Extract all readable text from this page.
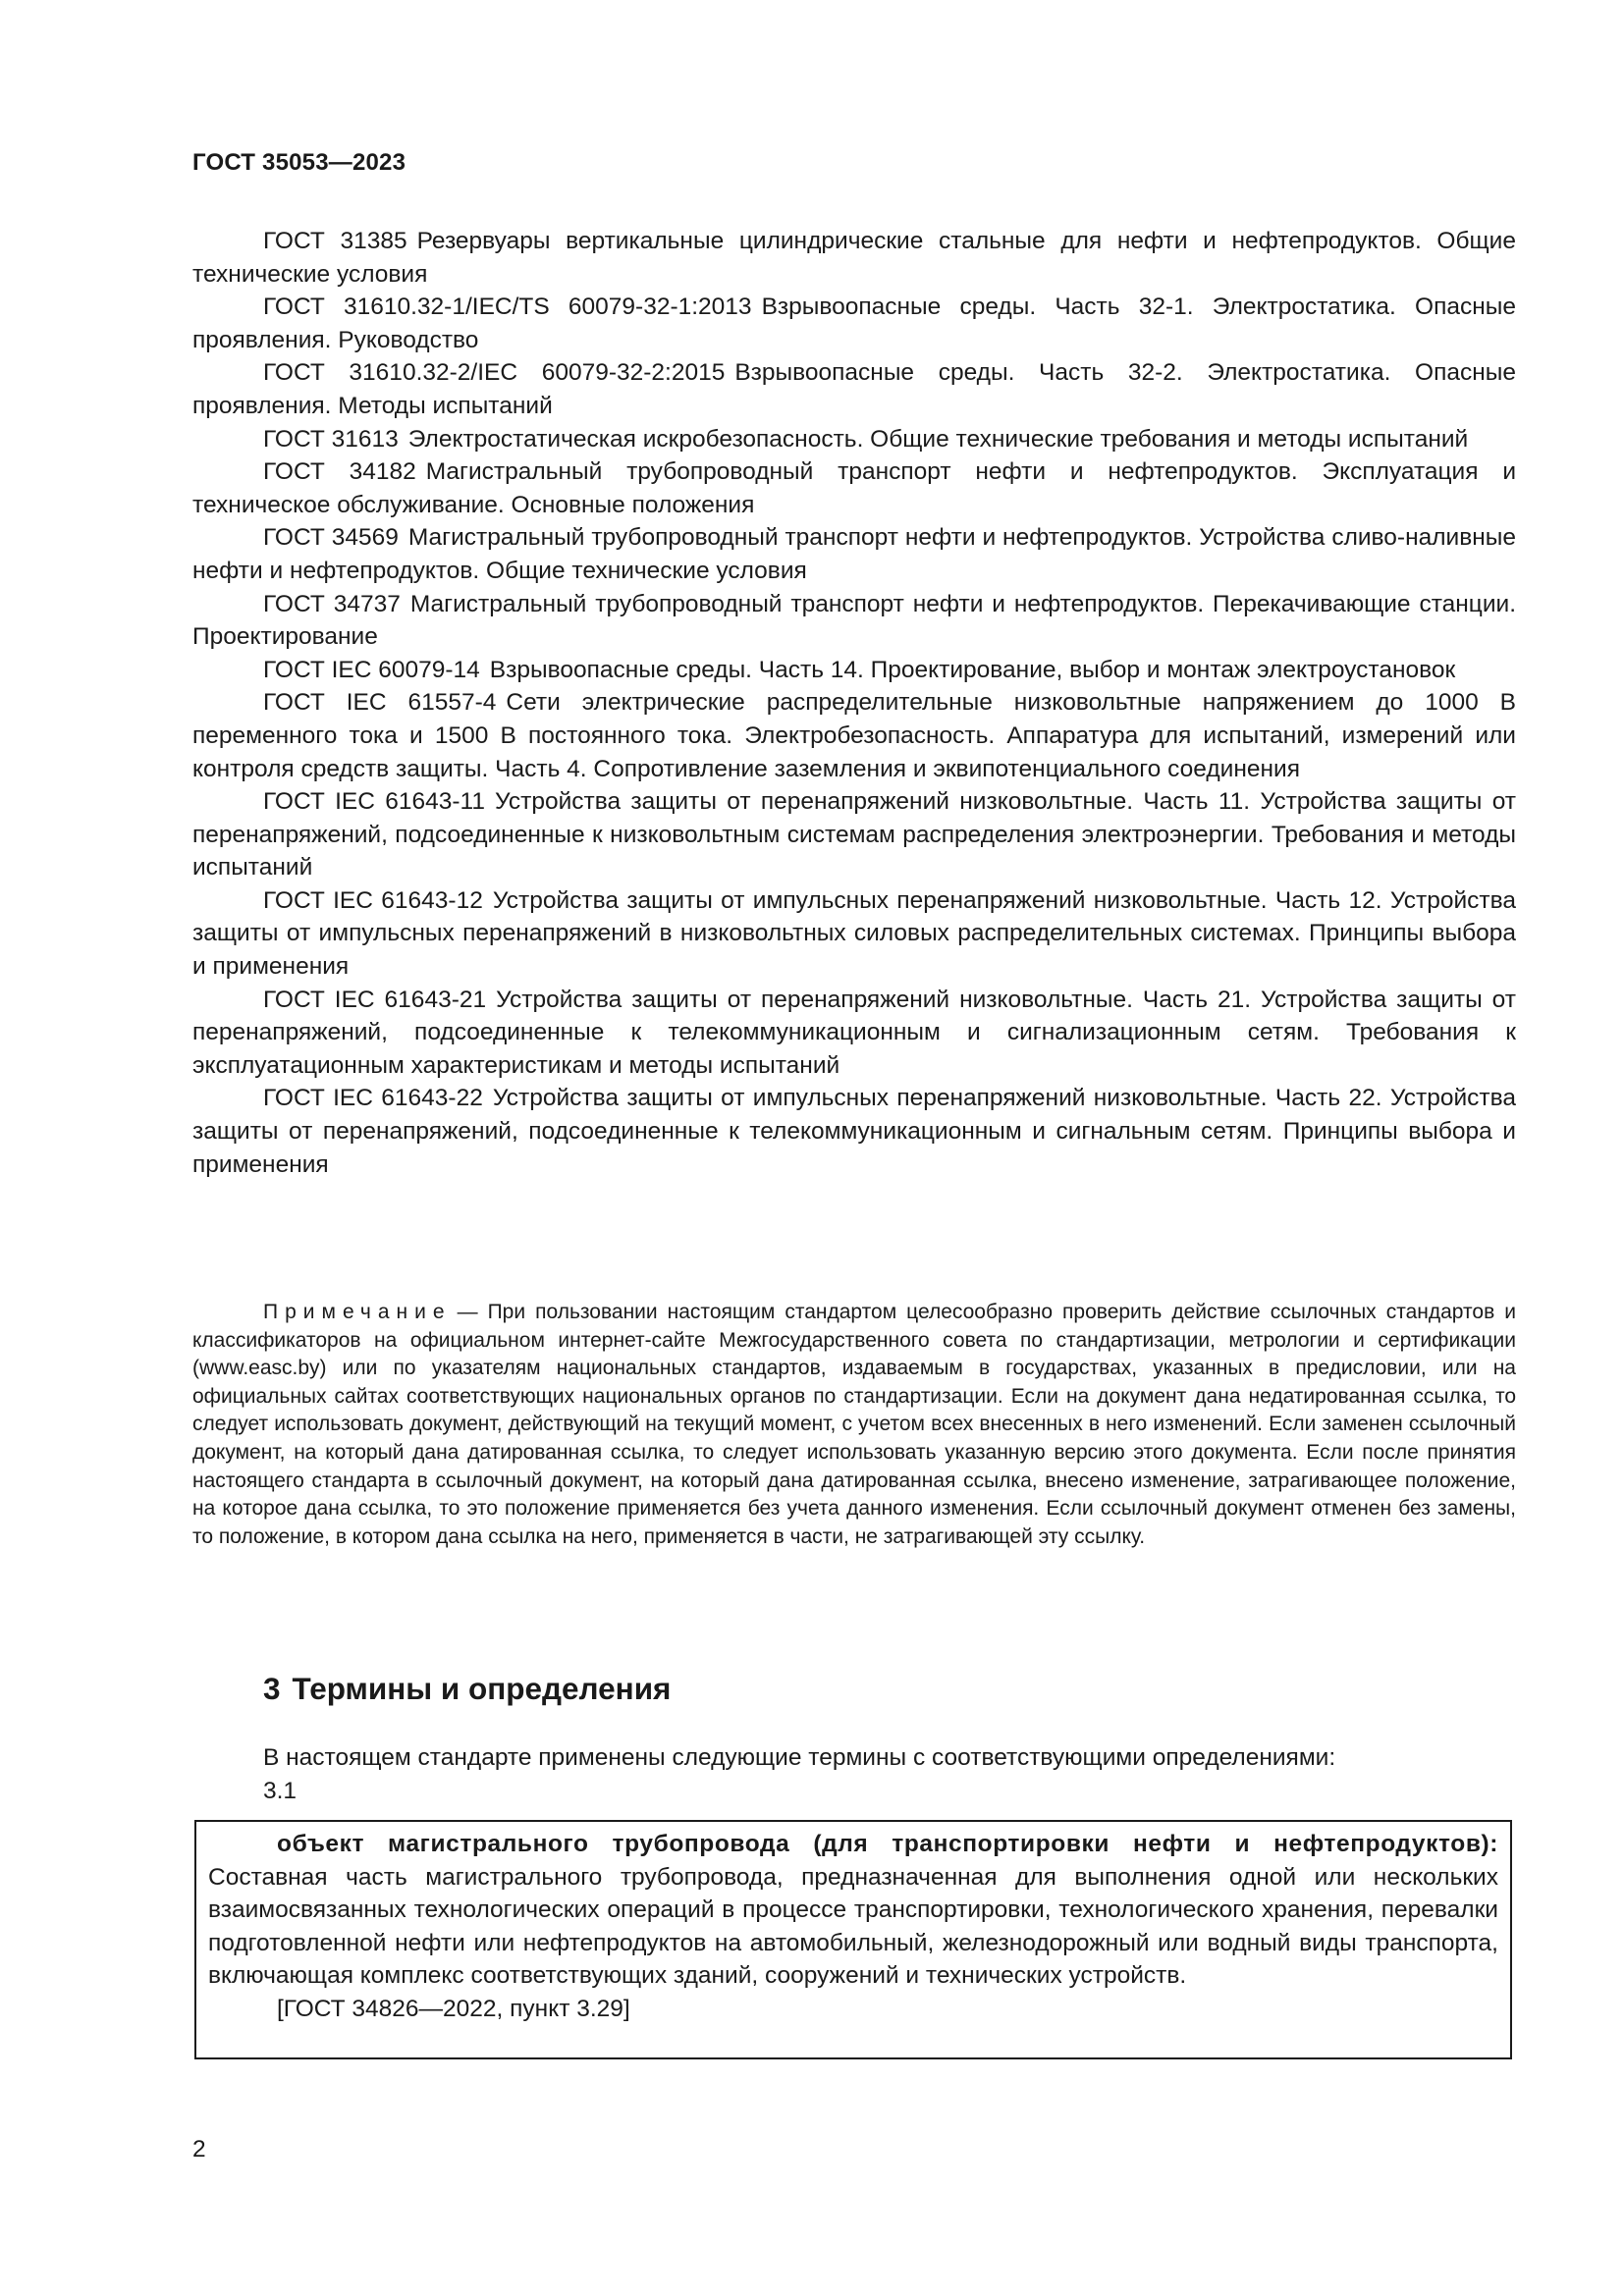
ГОСТ 35053—2023

ГОСТ 31385 Резервуары вертикальные цилиндрические стальные для нефти и нефтепродуктов. Общие технические условия

ГОСТ 31610.32-1/IEC/TS 60079-32-1:2013 Взрывоопасные среды. Часть 32-1. Электростатика. Опасные проявления. Руководство

ГОСТ 31610.32-2/IEC 60079-32-2:2015 Взрывоопасные среды. Часть 32-2. Электростатика. Опасные проявления. Методы испытаний

ГОСТ 31613 Электростатическая искробезопасность. Общие технические требования и методы испытаний

ГОСТ 34182 Магистральный трубопроводный транспорт нефти и нефтепродуктов. Эксплуатация и техническое обслуживание. Основные положения

ГОСТ 34569 Магистральный трубопроводный транспорт нефти и нефтепродуктов. Устройства сливо-наливные нефти и нефтепродуктов. Общие технические условия

ГОСТ 34737 Магистральный трубопроводный транспорт нефти и нефтепродуктов. Перекачивающие станции. Проектирование

ГОСТ IEC 60079-14 Взрывоопасные среды. Часть 14. Проектирование, выбор и монтаж электроустановок

ГОСТ IEC 61557-4 Сети электрические распределительные низковольтные напряжением до 1000 В переменного тока и 1500 В постоянного тока. Электробезопасность. Аппаратура для испытаний, измерений или контроля средств защиты. Часть 4. Сопротивление заземления и эквипотенциального соединения

ГОСТ IEC 61643-11 Устройства защиты от перенапряжений низковольтные. Часть 11. Устройства защиты от перенапряжений, подсоединенные к низковольтным системам распределения электроэнергии. Требования и методы испытаний

ГОСТ IEC 61643-12 Устройства защиты от импульсных перенапряжений низковольтные. Часть 12. Устройства защиты от импульсных перенапряжений в низковольтных силовых распределительных системах. Принципы выбора и применения

ГОСТ IEC 61643-21 Устройства защиты от перенапряжений низковольтные. Часть 21. Устройства защиты от перенапряжений, подсоединенные к телекоммуникационным и сигнализационным сетям. Требования к эксплуатационным характеристикам и методы испытаний

ГОСТ IEC 61643-22 Устройства защиты от импульсных перенапряжений низковольтные. Часть 22. Устройства защиты от перенапряжений, подсоединенные к телекоммуникационным и сигнальным сетям. Принципы выбора и применения

Примечание — При пользовании настоящим стандартом целесообразно проверить действие ссылочных стандартов и классификаторов на официальном интернет-сайте Межгосударственного совета по стандартизации, метрологии и сертификации (www.easc.by) или по указателям национальных стандартов, издаваемым в государствах, указанных в предисловии, или на официальных сайтах соответствующих национальных органов по стандартизации. Если на документ дана недатированная ссылка, то следует использовать документ, действующий на текущий момент, с учетом всех внесенных в него изменений. Если заменен ссылочный документ, на который дана датированная ссылка, то следует использовать указанную версию этого документа. Если после принятия настоящего стандарта в ссылочный документ, на который дана датированная ссылка, внесено изменение, затрагивающее положение, на которое дана ссылка, то это положение применяется без учета данного изменения. Если ссылочный документ отменен без замены, то положение, в котором дана ссылка на него, применяется в части, не затрагивающей эту ссылку.

3 Термины и определения

В настоящем стандарте применены следующие термины с соответствующими определениями:

3.1

объект магистрального трубопровода (для транспортировки нефти и нефтепродуктов): Составная часть магистрального трубопровода, предназначенная для выполнения одной или нескольких взаимосвязанных технологических операций в процессе транспортировки, технологического хранения, перевалки подготовленной нефти или нефтепродуктов на автомобильный, железнодорожный или водный виды транспорта, включающая комплекс соответствующих зданий, сооружений и технических устройств.

[ГОСТ 34826—2022, пункт 3.29]

2
